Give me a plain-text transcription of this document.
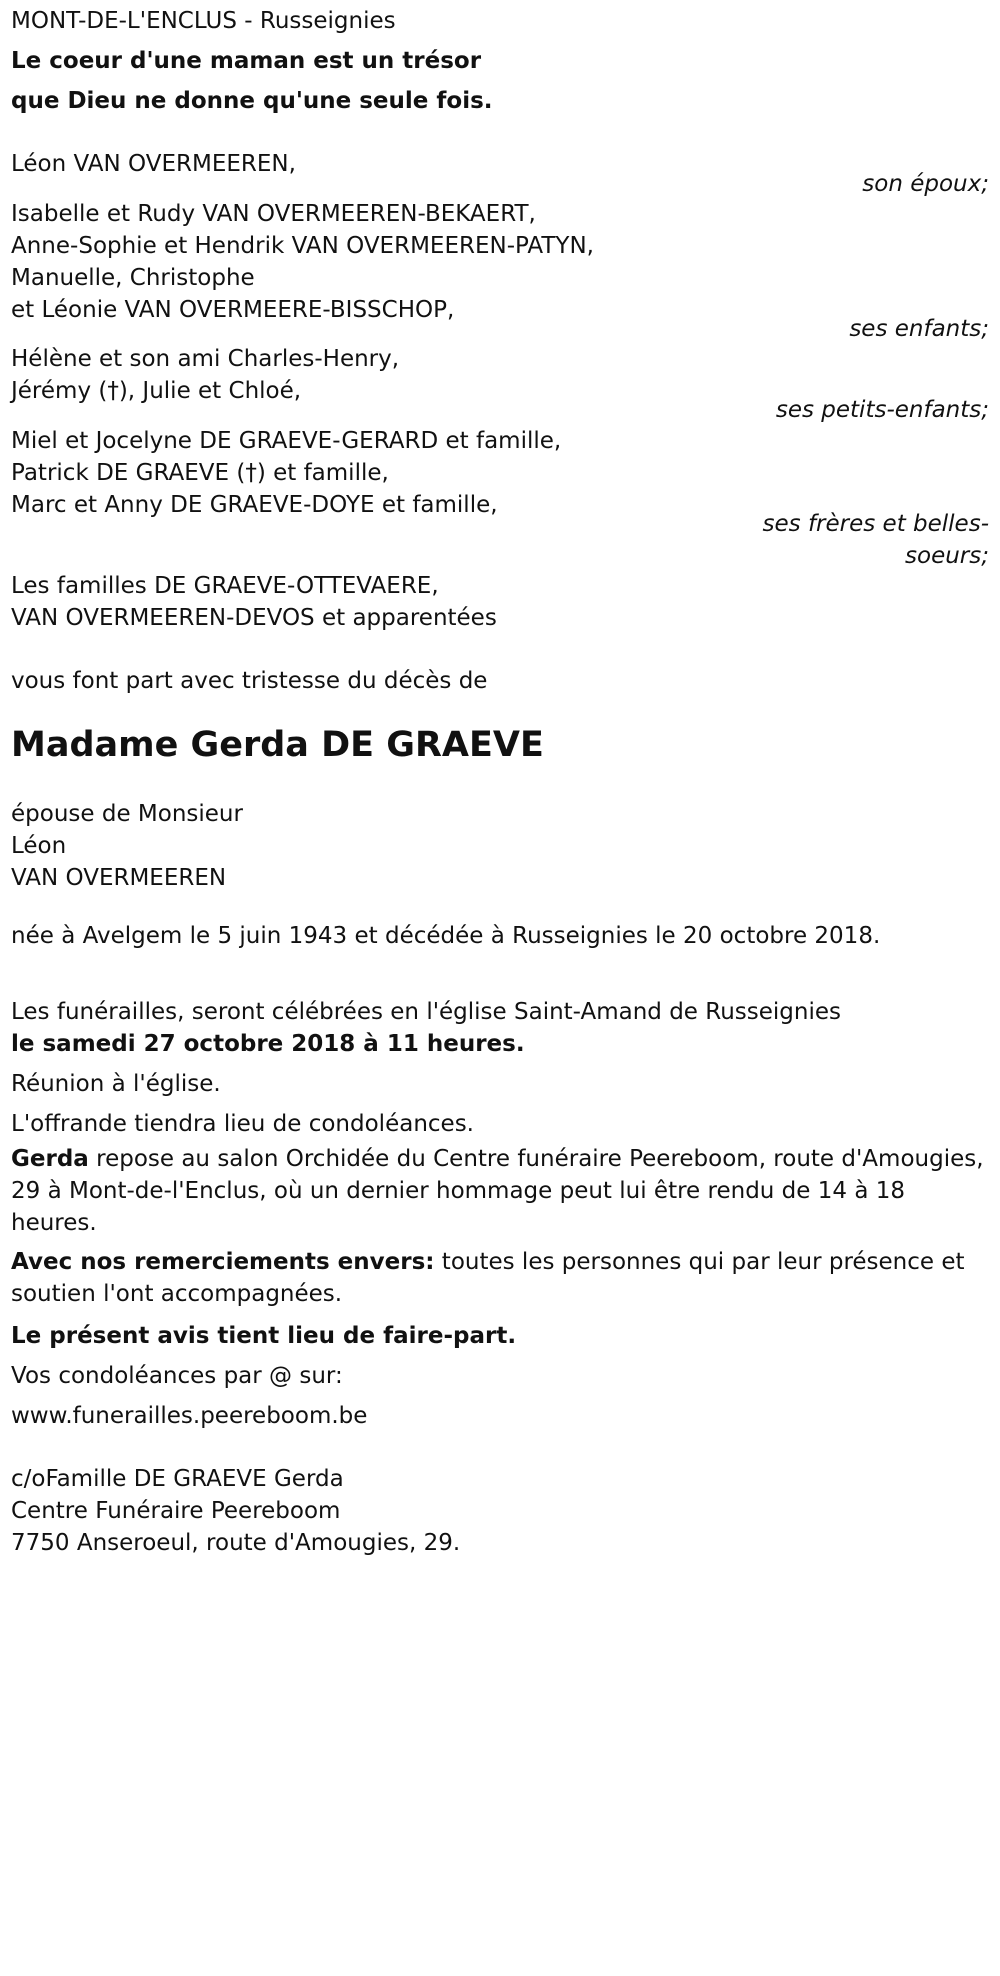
MONT-DE-L'ENCLUS - Russeignies

Le coeur d'une maman est un trésor

que Dieu ne donne qu'une seule fois.

Léon VAN OVERMEEREN,

son époux;

Isabelle et Rudy VAN OVERMEEREN-BEKAERT,

Anne-Sophie et Hendrik VAN OVERMEEREN-PATYN,

Manuelle, Christophe

et Léonie VAN OVERMEERE-BISSCHOP,

ses enfants;

Hélène et son ami Charles-Henry,

Jérémy (†), Julie et Chloé,

ses petits-enfants;

Miel et Jocelyne DE GRAEVE-GERARD et famille,

Patrick DE GRAEVE (†) et famille,

Marc et Anny DE GRAEVE-DOYE et famille,

ses frères et belles-

soeurs;

Les familles DE GRAEVE-OTTEVAERE,

VAN OVERMEEREN-DEVOS et apparentées

vous font part avec tristesse du décès de

Madame Gerda DE GRAEVE

épouse de Monsieur

Léon

VAN OVERMEEREN

née à Avelgem le 5 juin 1943 et décédée à Russeignies le 20 octobre 2018.

Les funérailles, seront célébrées en l'église Saint-Amand de Russeignies

le samedi 27 octobre 2018 à 11 heures.

Réunion à l'église.

L'offrande tiendra lieu de condoléances.

Gerda repose au salon Orchidée du Centre funéraire Peereboom, route d'Amougies, 29 à Mont-de-l'Enclus, où un dernier hommage peut lui être rendu de 14 à 18 heures.

Avec nos remerciements envers: toutes les personnes qui par leur présence et soutien l'ont accompagnées.

Le présent avis tient lieu de faire-part.

Vos condoléances par @ sur:

www.funerailles.peereboom.be

c/oFamille DE GRAEVE Gerda

Centre Funéraire Peereboom

7750 Anseroeul, route d'Amougies, 29.
